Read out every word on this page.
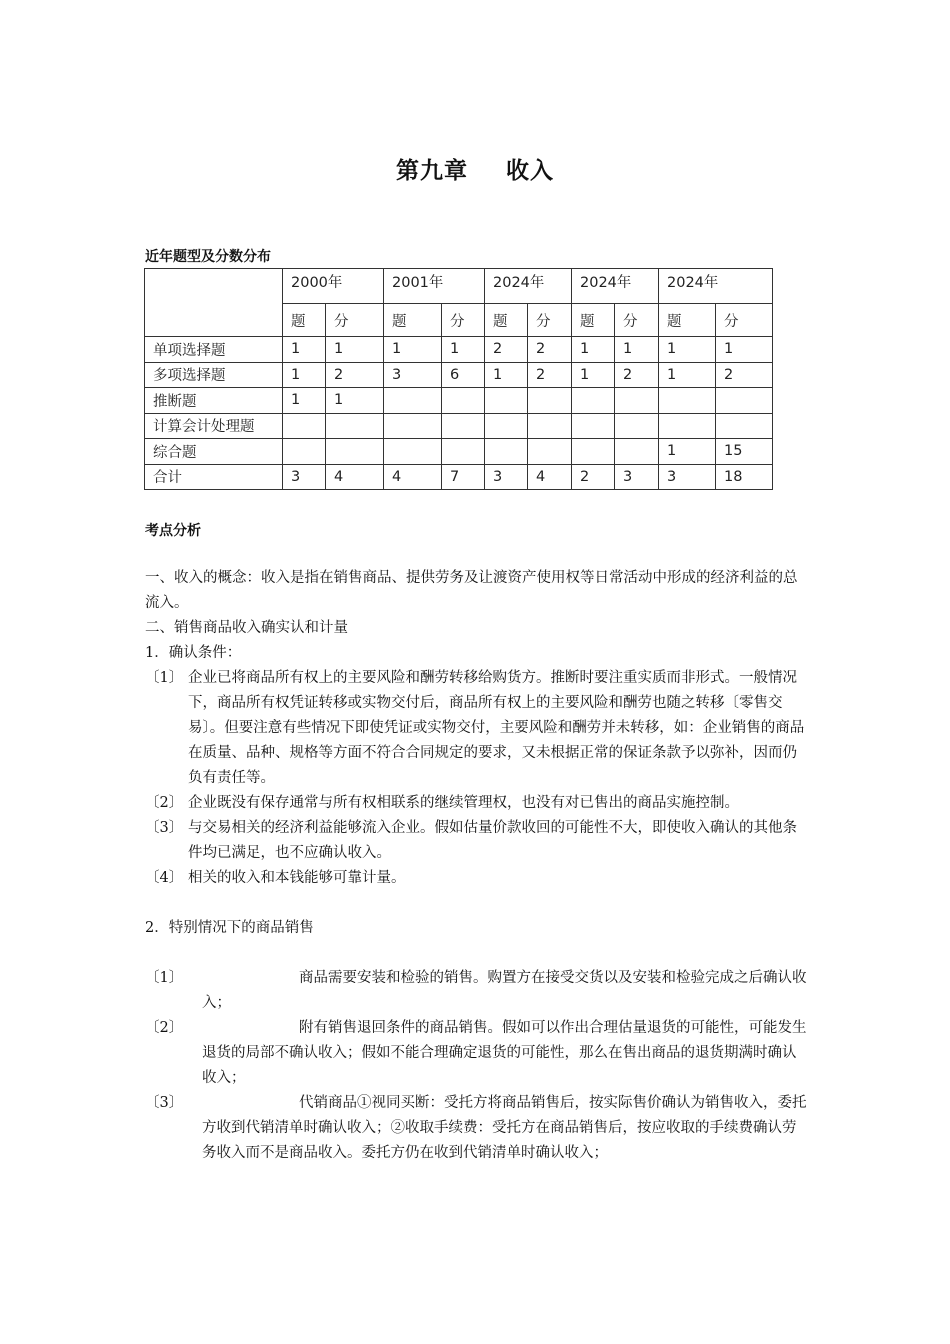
第九章 收入
近年题型及分数分布
	2000年		2001年		2024年		2024年		2024年	
	题	分	题	分	题	分	题	分	题	分
单项选择题	1	1	1	1	2	2	1	1	1	1
多项选择题	1	2	3	6	1	2	1	2	1	2
推断题	1	1								
计算会计处理题										
综合题									1	15
合计	3	4	4	7	3	4	2	3	3	18
考点分析

一、收入的概念：收入是指在销售商品、提供劳务及让渡资产使用权等日常活动中形成的经济利益的总流入。

二、销售商品收入确实认和计量

1．确认条件：

〔1〕 企业已将商品所有权上的主要风险和酬劳转移给购货方。推断时要注重实质而非形式。一般情况下，商品所有权凭证转移或实物交付后，商品所有权上的主要风险和酬劳也随之转移〔零售交易〕。但要注意有些情况下即使凭证或实物交付，主要风险和酬劳并未转移，如：企业销售的商品在质量、品种、规格等方面不符合合同规定的要求，又未根据正常的保证条款予以弥补，因而仍负有责任等。
〔2〕 企业既没有保存通常与所有权相联系的继续管理权，也没有对已售出的商品实施控制。
〔3〕 与交易相关的经济利益能够流入企业。假如估量价款收回的可能性不大，即使收入确认的其他条件均已满足，也不应确认收入。
〔4〕 相关的收入和本钱能够可靠计量。

2．特别情况下的商品销售

〔1〕	商品需要安装和检验的销售。购置方在接受交货以及安装和检验完成之后确认收入；
〔2〕	附有销售退回条件的商品销售。假如可以作出合理估量退货的可能性，可能发生退货的局部不确认收入；假如不能合理确定退货的可能性，那么在售出商品的退货期满时确认收入；
〔3〕	代销商品①视同买断：受托方将商品销售后，按实际售价确认为销售收入，委托方收到代销清单时确认收入；②收取手续费：受托方在商品销售后，按应收取的手续费确认劳务收入而不是商品收入。委托方仍在收到代销清单时确认收入；
